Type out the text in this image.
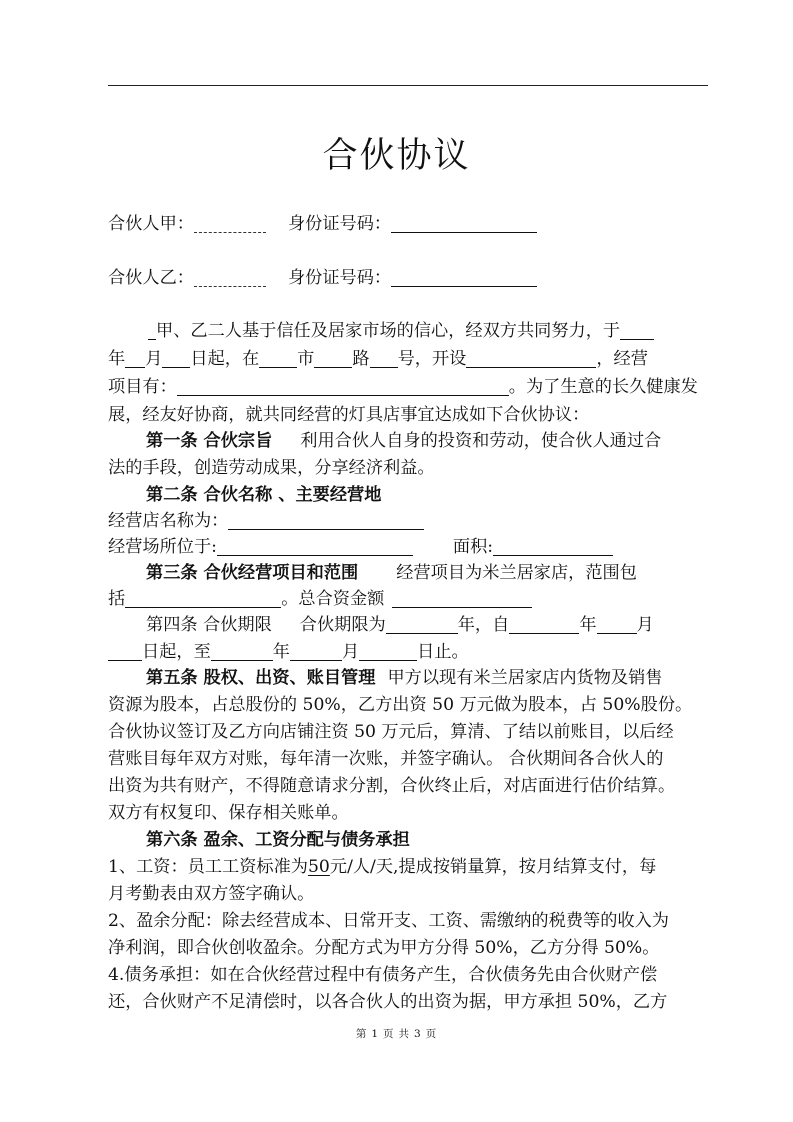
合伙协议
合伙人甲：	身份证号码：
合伙人乙：	身份证号码：
甲、乙二人基于信任及居家市场的信心，经双方共同努力，于
年 月 日起，在 市 路 号，开设	，经营
项目有：	。为了生意的长久健康发
展，经友好协商，就共同经营的灯具店事宜达成如下合伙协议：
第一条 合伙宗旨 利用合伙人自身的投资和劳动，使合伙人通过合
法的手段，创造劳动成果，分享经济利益。
第二条 合伙名称 、主要经营地
经营店名称为：
经营场所位于:	面积:
第三条 合伙经营项目和范围 经营项目为米兰居家店，范围包
括	。总合资金额
第四条 合伙期限 合伙期限为	年，自	年 月
日起，至	年	月	日止。
第五条 股权、出资、账目管理 甲方以现有米兰居家店内货物及销售
资源为股本，占总股份的 50%，乙方出资 50 万元做为股本，占 50%股份。
合伙协议签订及乙方向店铺注资 50 万元后，算清、了结以前账目，以后经
营账目每年双方对账，每年清一次账，并签字确认。 合伙期间各合伙人的
出资为共有财产，不得随意请求分割，合伙终止后，对店面进行估价结算。
双方有权复印、保存相关账单。
第六条 盈余、工资分配与债务承担
1、工资：员工工资标准为50元/人/天,提成按销量算，按月结算支付，每
月考勤表由双方签字确认。
2、盈余分配：除去经营成本、日常开支、工资、需缴纳的税费等的收入为
净利润，即合伙创收盈余。分配方式为甲方分得 50%，乙方分得 50%。
4.债务承担：如在合伙经营过程中有债务产生，合伙债务先由合伙财产偿
还，合伙财产不足清偿时，以各合伙人的出资为据，甲方承担 50%，乙方
第 1 页 共 3 页
